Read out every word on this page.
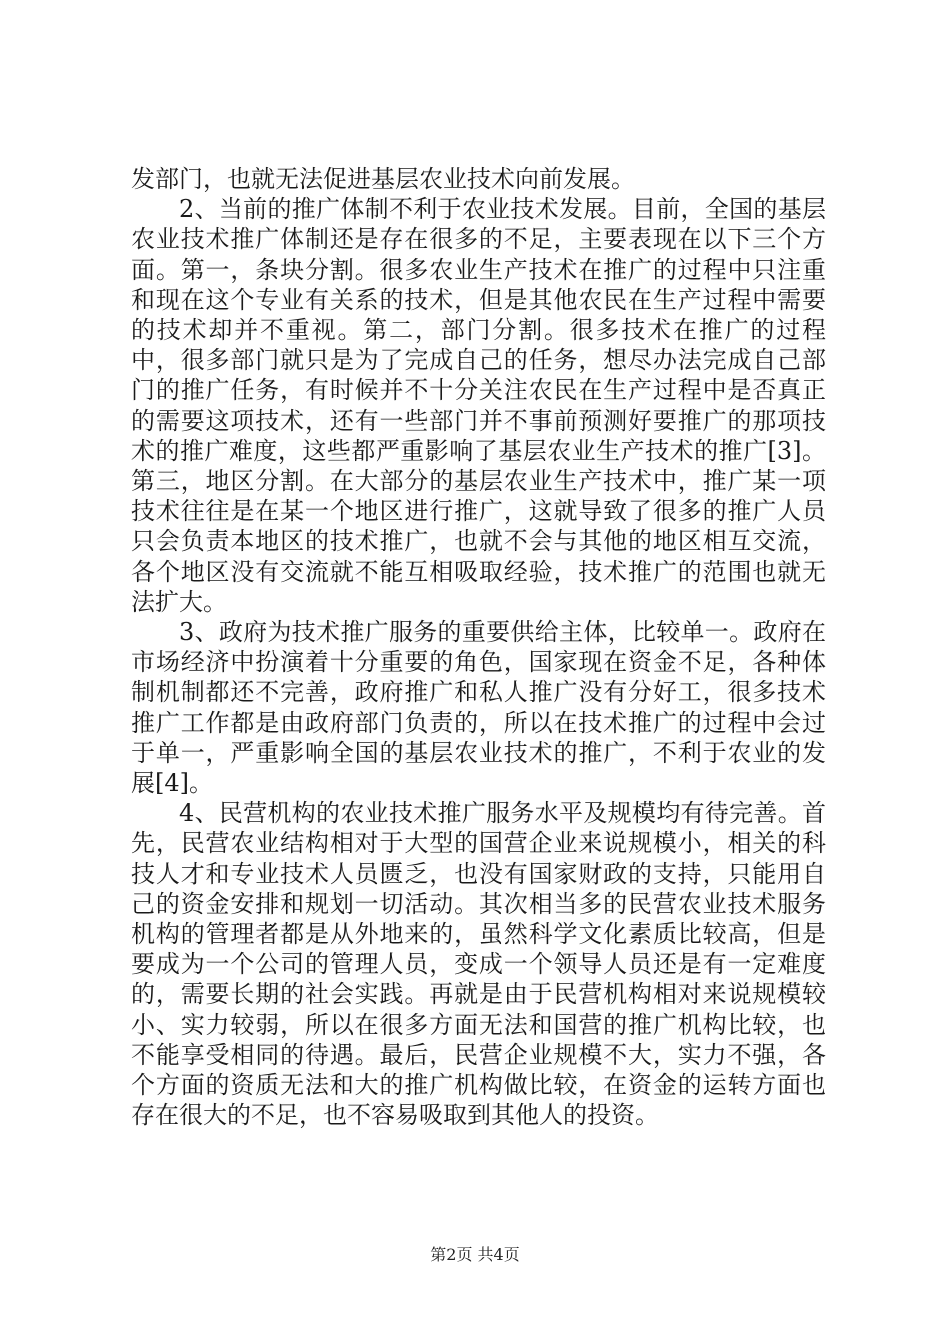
发部门，也就无法促进基层农业技术向前发展。

2、当前的推广体制不利于农业技术发展。目前，全国的基层农业技术推广体制还是存在很多的不足，主要表现在以下三个方面。第一，条块分割。很多农业生产技术在推广的过程中只注重和现在这个专业有关系的技术，但是其他农民在生产过程中需要的技术却并不重视。第二，部门分割。很多技术在推广的过程中，很多部门就只是为了完成自己的任务，想尽办法完成自己部门的推广任务，有时候并不十分关注农民在生产过程中是否真正的需要这项技术，还有一些部门并不事前预测好要推广的那项技术的推广难度，这些都严重影响了基层农业生产技术的推广[3]。第三，地区分割。在大部分的基层农业生产技术中，推广某一项技术往往是在某一个地区进行推广，这就导致了很多的推广人员只会负责本地区的技术推广，也就不会与其他的地区相互交流，各个地区没有交流就不能互相吸取经验，技术推广的范围也就无法扩大。

3、政府为技术推广服务的重要供给主体，比较单一。政府在市场经济中扮演着十分重要的角色，国家现在资金不足，各种体制机制都还不完善，政府推广和私人推广没有分好工，很多技术推广工作都是由政府部门负责的，所以在技术推广的过程中会过于单一，严重影响全国的基层农业技术的推广，不利于农业的发展[4]。

4、民营机构的农业技术推广服务水平及规模均有待完善。首先，民营农业结构相对于大型的国营企业来说规模小，相关的科技人才和专业技术人员匮乏，也没有国家财政的支持，只能用自己的资金安排和规划一切活动。其次相当多的民营农业技术服务机构的管理者都是从外地来的，虽然科学文化素质比较高，但是要成为一个公司的管理人员，变成一个领导人员还是有一定难度的，需要长期的社会实践。再就是由于民营机构相对来说规模较小、实力较弱，所以在很多方面无法和国营的推广机构比较，也不能享受相同的待遇。最后，民营企业规模不大，实力不强，各个方面的资质无法和大的推广机构做比较，在资金的运转方面也存在很大的不足，也不容易吸取到其他人的投资。

第2页 共4页
